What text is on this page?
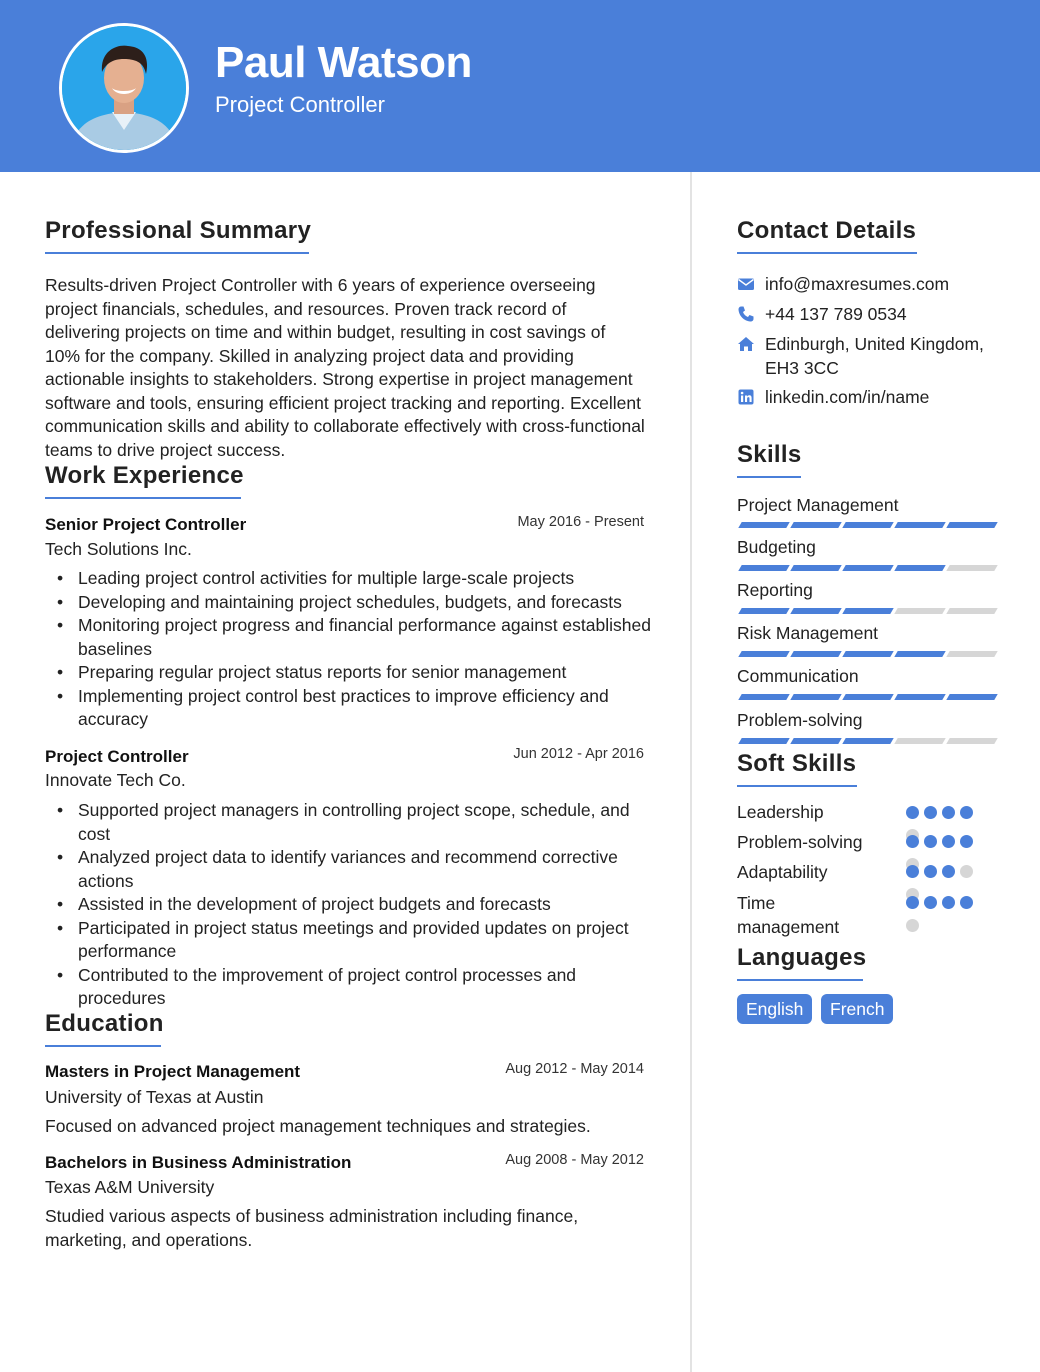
Paul Watson
Project Controller
Professional Summary
Results-driven Project Controller with 6 years of experience overseeing project financials, schedules, and resources. Proven track record of delivering projects on time and within budget, resulting in cost savings of 10% for the company. Skilled in analyzing project data and providing actionable insights to stakeholders. Strong expertise in project management software and tools, ensuring efficient project tracking and reporting. Excellent communication skills and ability to collaborate effectively with cross-functional teams to drive project success.
Work Experience
Senior Project Controller	May 2016 - Present
Tech Solutions Inc.
• Leading project control activities for multiple large-scale projects
• Developing and maintaining project schedules, budgets, and forecasts
• Monitoring project progress and financial performance against established baselines
• Preparing regular project status reports for senior management
• Implementing project control best practices to improve efficiency and accuracy
Project Controller	Jun 2012 - Apr 2016
Innovate Tech Co.
• Supported project managers in controlling project scope, schedule, and cost
• Analyzed project data to identify variances and recommend corrective actions
• Assisted in the development of project budgets and forecasts
• Participated in project status meetings and provided updates on project performance
• Contributed to the improvement of project control processes and procedures
Education
Masters in Project Management	Aug 2012 - May 2014
University of Texas at Austin
Focused on advanced project management techniques and strategies.
Bachelors in Business Administration	Aug 2008 - May 2012
Texas A&M University
Studied various aspects of business administration including finance, marketing, and operations.
Contact Details
info@maxresumes.com
+44 137 789 0534
Edinburgh, United Kingdom, EH3 3CC
linkedin.com/in/name
Skills
Project Management
Budgeting
Reporting
Risk Management
Communication
Problem-solving
Soft Skills
Leadership
Problem-solving
Adaptability
Time management
Languages
English	French
